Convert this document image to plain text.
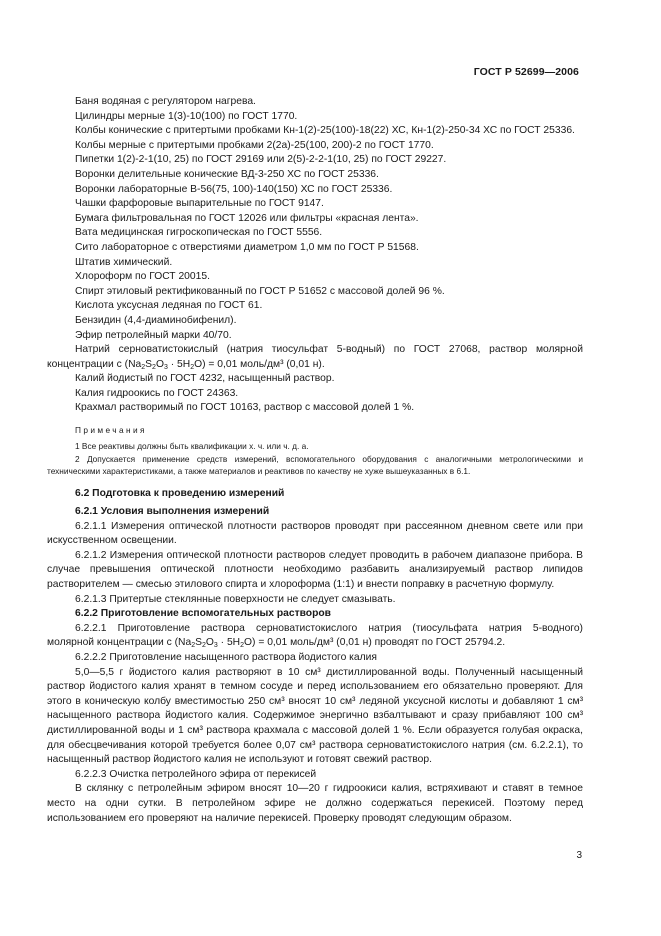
ГОСТ Р 52699—2006

Баня водяная с регулятором нагрева.

Цилиндры мерные 1(3)-10(100) по ГОСТ 1770.

Колбы конические с притертыми пробками Кн-1(2)-25(100)-18(22) ХС, Кн-1(2)-250-34 ХС по ГОСТ 25336.

Колбы мерные с притертыми пробками 2(2а)-25(100, 200)-2 по ГОСТ 1770.

Пипетки 1(2)-2-1(10, 25) по ГОСТ 29169 или 2(5)-2-2-1(10, 25) по ГОСТ 29227.

Воронки делительные конические ВД-3-250 ХС по ГОСТ 25336.

Воронки лабораторные В-56(75, 100)-140(150) ХС по ГОСТ 25336.

Чашки фарфоровые выпарительные по ГОСТ 9147.

Бумага фильтровальная по ГОСТ 12026 или фильтры «красная лента».

Вата медицинская гигроскопическая по ГОСТ 5556.

Сито лабораторное с отверстиями диаметром 1,0 мм по ГОСТ Р 51568.

Штатив химический.

Хлороформ по ГОСТ 20015.

Спирт этиловый ректификованный по ГОСТ Р 51652 с массовой долей 96 %.

Кислота уксусная ледяная по ГОСТ 61.

Бензидин (4,4-диаминобифенил).

Эфир петролейный марки 40/70.

Натрий серноватистокислый (натрия тиосульфат 5-водный) по ГОСТ 27068, раствор молярной

концентрации с $(Na_2S_2O_3 \cdot 5H_2O) = 0,01$ моль/дм³ (0,01 н).

Калий йодистый по ГОСТ 4232, насыщенный раствор.

Калия гидроокись по ГОСТ 24363.

Крахмал растворимый по ГОСТ 10163, раствор с массовой долей 1 %.

Примечания

1 Все реактивы должны быть квалификации х. ч. или ч. д. а.

2 Допускается применение средств измерений, вспомогательного оборудования с аналогичными метрологическими и техническими характеристиками, а также материалов и реактивов по качеству не хуже вышеуказанных в 6.1.

6.2 Подготовка к проведению измерений

6.2.1 Условия выполнения измерений

6.2.1.1 Измерения оптической плотности растворов проводят при рассеянном дневном свете или при искусственном освещении.

6.2.1.2 Измерения оптической плотности растворов следует проводить в рабочем диапазоне прибора. В случае превышения оптической плотности необходимо разбавить анализируемый раствор липидов растворителем — смесью этилового спирта и хлороформа (1:1) и внести поправку в расчетную формулу.

6.2.1.3 Притертые стеклянные поверхности не следует смазывать.

6.2.2 Приготовление вспомогательных растворов

6.2.2.1 Приготовление раствора серноватистокислого натрия (тиосульфата натрия 5-водного)

молярной концентрации с $(Na_2S_2O_3 \cdot 5H_2O) = 0,01$ моль/дм³ (0,01 н) проводят по ГОСТ 25794.2.

6.2.2.2 Приготовление насыщенного раствора йодистого калия

5,0—5,5 г йодистого калия растворяют в 10 см³ дистиллированной воды. Полученный насыщенный раствор йодистого калия хранят в темном сосуде и перед использованием его обязательно проверяют. Для этого в коническую колбу вместимостью 250 см³ вносят 10 см³ ледяной уксусной кислоты и добавляют 1 см³ насыщенного раствора йодистого калия. Содержимое энергично взбалтывают и сразу прибавляют 100 см³ дистиллированной воды и 1 см³ раствора крахмала с массовой долей 1 %. Если образуется голубая окраска, для обесцвечивания которой требуется более 0,07 см³ раствора серноватистокислого натрия (см. 6.2.2.1), то насыщенный раствор йодистого калия не используют и готовят свежий раствор.

6.2.2.3 Очистка петролейного эфира от перекисей

В склянку с петролейным эфиром вносят 10—20 г гидроокиси калия, встряхивают и ставят в темное место на одни сутки. В петролейном эфире не должно содержаться перекисей. Поэтому перед использованием его проверяют на наличие перекисей. Проверку проводят следующим образом.

3
